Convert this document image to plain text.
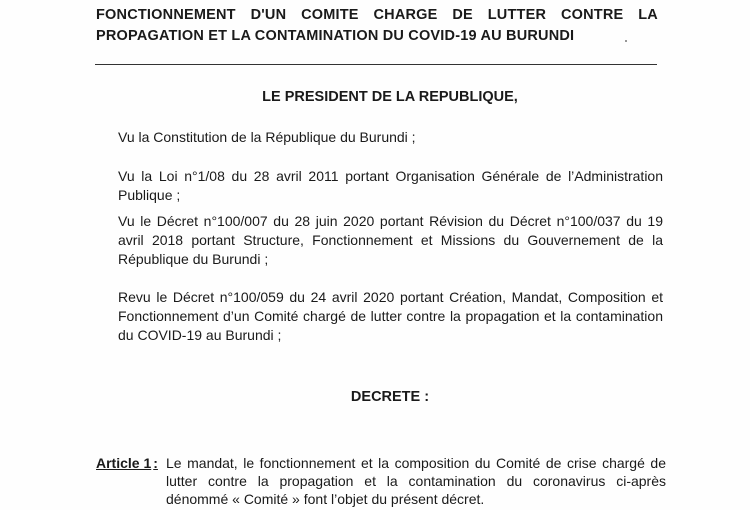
FONCTIONNEMENT D'UN COMITE CHARGE DE LUTTER CONTRE LA
PROPAGATION ET LA CONTAMINATION DU COVID-19 AU BURUNDI
LE PRESIDENT DE LA REPUBLIQUE,
Vu la Constitution de la République du Burundi ;
Vu la Loi n°1/08 du 28 avril 2011 portant Organisation Générale de l’Administration Publique ;
Vu le Décret n°100/007 du 28 juin 2020 portant Révision du Décret n°100/037 du 19 avril 2018 portant Structure, Fonctionnement et Missions du Gouvernement de la République du Burundi ;
Revu le Décret n°100/059 du 24 avril 2020 portant Création, Mandat, Composition et Fonctionnement d’un Comité chargé de lutter contre la propagation et la contamination du COVID-19 au Burundi ;
DECRETE :
Article 1 : Le mandat, le fonctionnement et la composition du Comité de crise chargé de lutter contre la propagation et la contamination du coronavirus ci-après dénommé « Comité » font l’objet du présent décret.
